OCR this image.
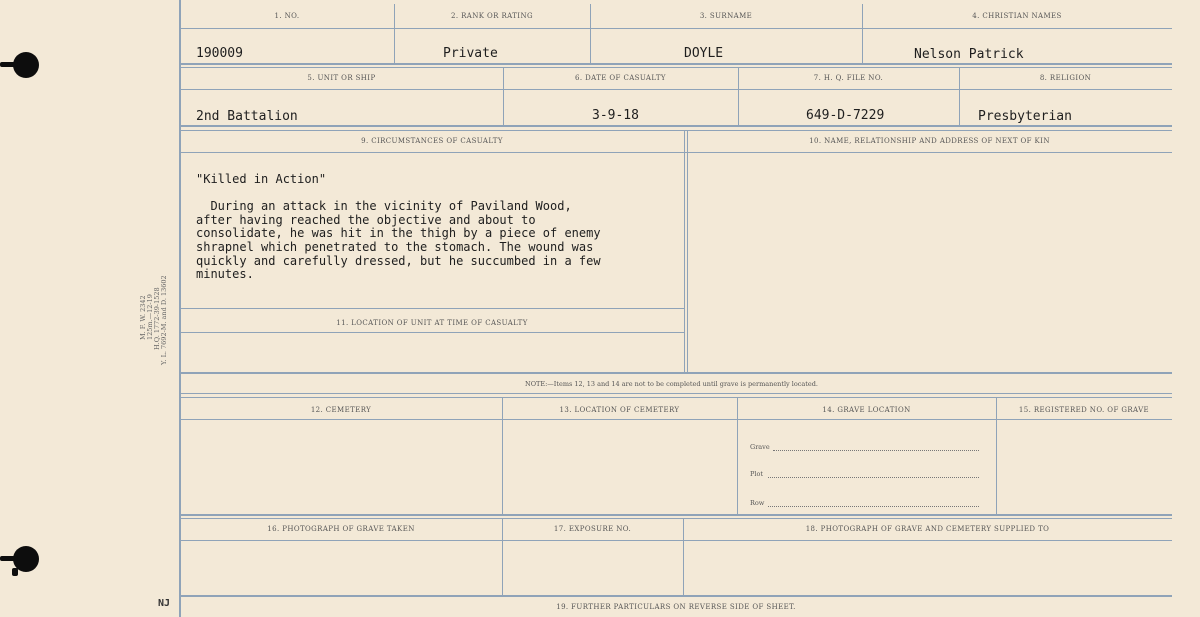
M. F. W. 2342 125m.—12-19 H.Q. 1772-39-1528 Y. L. 7692-M. and D. 13602
1. NO.	2. RANK OR RATING	3. SURNAME	4. CHRISTIAN NAMES
190009	Private	DOYLE	Nelson Patrick
5. UNIT OR SHIP	6. DATE OF CASUALTY	7. H. Q. FILE NO.	8. RELIGION
2nd Battalion	3-9-18	649-D-7229	Presbyterian
9. CIRCUMSTANCES OF CASUALTY	10. NAME, RELATIONSHIP AND ADDRESS OF NEXT OF KIN
"Killed in Action"

During an attack in the vicinity of Paviland Wood,
after having reached the objective and about to
consolidate, he was hit in the thigh by a piece of enemy
shrapnel which penetrated to the stomach. The wound was
quickly and carefully dressed, but he succumbed in a few
minutes.
11. LOCATION OF UNIT AT TIME OF CASUALTY
NOTE:—Items 12, 13 and 14 are not to be completed until grave is permanently located.
12. CEMETERY	13. LOCATION OF CEMETERY	14. GRAVE LOCATION	15. REGISTERED NO. OF GRAVE
Grave
Plot
Row
16. PHOTOGRAPH OF GRAVE TAKEN	17. EXPOSURE NO.	18. PHOTOGRAPH OF GRAVE AND CEMETERY SUPPLIED TO
19. FURTHER PARTICULARS ON REVERSE SIDE OF SHEET.
NJ
